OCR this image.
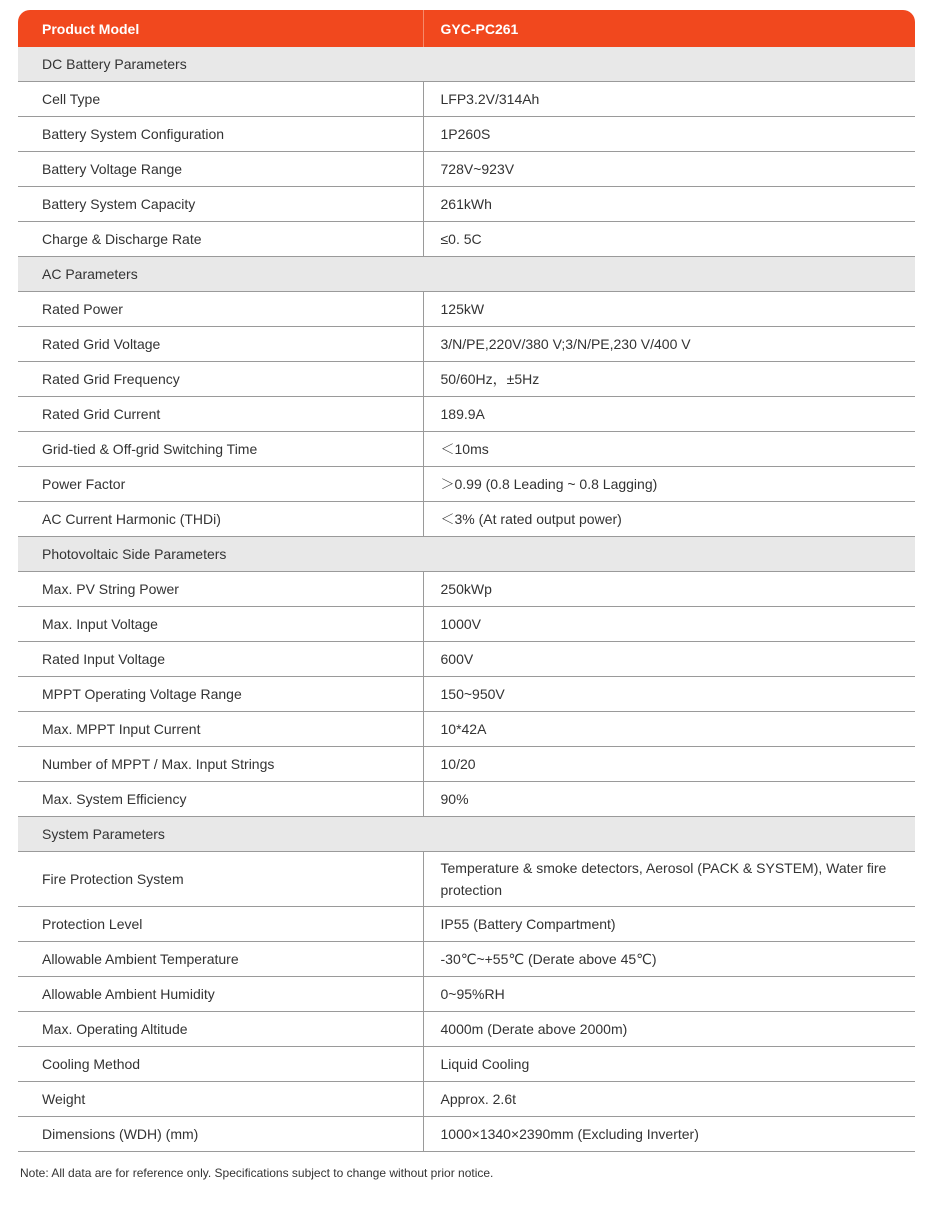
Product Model	GYC-PC261
DC Battery Parameters	
Cell Type	LFP3.2V/314Ah
Battery System Configuration	1P260S
Battery Voltage Range	728V~923V
Battery System Capacity	261kWh
Charge & Discharge Rate	≤0. 5C
AC Parameters	
Rated Power	125kW
Rated Grid Voltage	3/N/PE,220V/380 V;3/N/PE,230 V/400 V
Rated Grid Frequency	50/60Hz，±5Hz
Rated Grid Current	189.9A
Grid-tied & Off-grid Switching Time	＜10ms
Power Factor	＞0.99 (0.8 Leading ~ 0.8 Lagging)
AC Current Harmonic (THDi)	＜3% (At rated output power)
Photovoltaic Side Parameters	
Max. PV String Power	250kWp
Max. Input Voltage	1000V
Rated Input Voltage	600V
MPPT Operating Voltage Range	150~950V
Max. MPPT Input Current	10*42A
Number of MPPT / Max. Input Strings	10/20
Max. System Efficiency	90%
System Parameters	
Fire Protection System	Temperature & smoke detectors, Aerosol (PACK & SYSTEM), Water fire protection
Protection Level	IP55 (Battery Compartment)
Allowable Ambient Temperature	-30℃~+55℃ (Derate above 45℃)
Allowable Ambient Humidity	0~95%RH
Max. Operating Altitude	4000m (Derate above 2000m)
Cooling Method	Liquid Cooling
Weight	Approx. 2.6t
Dimensions (WDH) (mm)	1000×1340×2390mm (Excluding Inverter)
Note: All data are for reference only. Specifications subject to change without prior notice.
